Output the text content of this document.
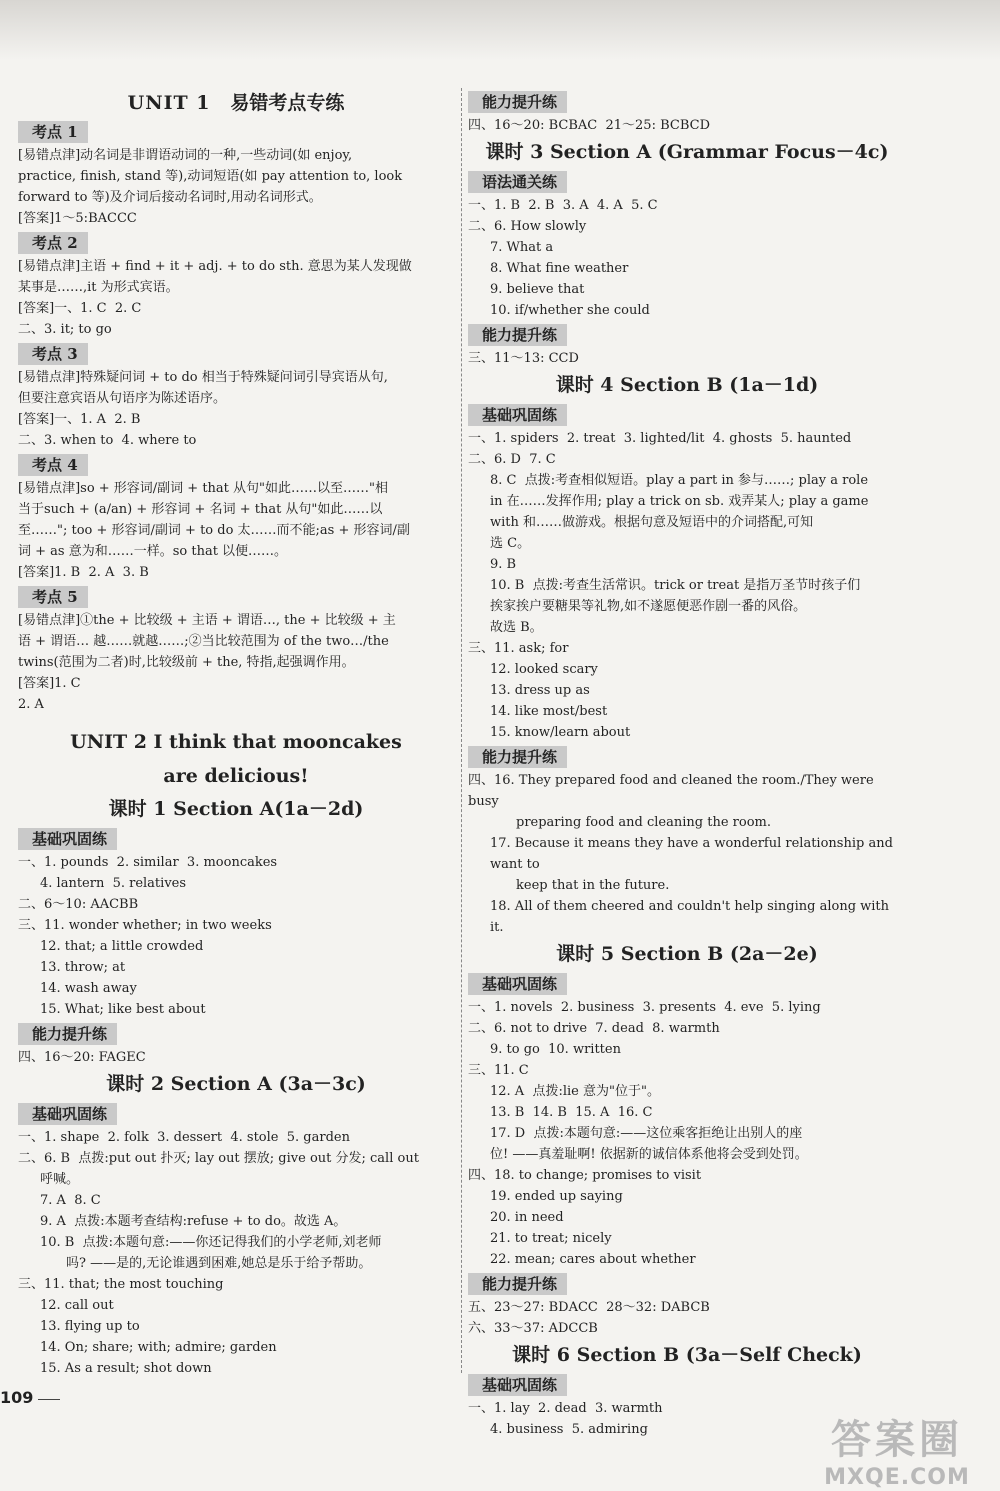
UNIT 1 易错考点专练

考点 1

[易错点津]动名词是非谓语动词的一种,一些动词(如 enjoy,

practice, finish, stand 等),动词短语(如 pay attention to, look

forward to 等)及介词后接动名词时,用动名词形式。

[答案]1～5:BACCC

考点 2

[易错点津]主语 + find + it + adj. + to do sth. 意思为某人发现做

某事是……,it 为形式宾语。

[答案]一、1. C  2. C

二、3. it; to go

考点 3

[易错点津]特殊疑问词 + to do 相当于特殊疑问词引导宾语从句,

但要注意宾语从句语序为陈述语序。

[答案]一、1. A  2. B

二、3. when to  4. where to

考点 4

[易错点津]so + 形容词/副词 + that 从句"如此……以至……"相

当于such + (a/an) + 形容词 + 名词 + that 从句"如此……以

至……"; too + 形容词/副词 + to do 太……而不能;as + 形容词/副

词 + as 意为和……一样。so that 以便……。

[答案]1. B  2. A  3. B

考点 5

[易错点津]①the + 比较级 + 主语 + 谓语…, the + 比较级 + 主

语 + 谓语… 越……就越……;②当比较范围为 of the two…/the

twins(范围为二者)时,比较级前 + the, 特指,起强调作用。

[答案]1. C

2. A

UNIT 2 I think that mooncakes

are delicious!

课时 1 Section A(1a－2d)

基础巩固练

一、1. pounds  2. similar  3. mooncakes

4. lantern  5. relatives

二、6～10: AACBB

三、11. wonder whether; in two weeks

12. that; a little crowded

13. throw; at

14. wash away

15. What; like best about

能力提升练

四、16～20: FAGEC

课时 2 Section A (3a－3c)

基础巩固练

一、1. shape  2. folk  3. dessert  4. stole  5. garden

二、6. B  点拨:put out 扑灭; lay out 摆放; give out 分发; call out

呼喊。

7. A  8. C

9. A  点拨:本题考查结构:refuse + to do。故选 A。

10. B  点拨:本题句意:——你还记得我们的小学老师,刘老师

吗? ——是的,无论谁遇到困难,她总是乐于给予帮助。

三、11. that; the most touching

12. call out

13. flying up to

14. On; share; with; admire; garden

15. As a result; shot down

能力提升练

四、16～20: BCBAC  21～25: BCBCD

课时 3 Section A (Grammar Focus－4c)

语法通关练

一、1. B  2. B  3. A  4. A  5. C

二、6. How slowly

7. What a

8. What fine weather

9. believe that

10. if/whether she could

能力提升练

三、11～13: CCD

课时 4 Section B (1a－1d)

基础巩固练

一、1. spiders  2. treat  3. lighted/lit  4. ghosts  5. haunted

二、6. D  7. C

8. C  点拨:考查相似短语。play a part in 参与……; play a role

in 在……发挥作用; play a trick on sb. 戏弄某人; play a game

with 和……做游戏。根据句意及短语中的介词搭配,可知

选 C。

9. B

10. B  点拨:考查生活常识。trick or treat 是指万圣节时孩子们

挨家挨户要糖果等礼物,如不遂愿便恶作剧一番的风俗。

故选 B。

三、11. ask; for

12. looked scary

13. dress up as

14. like most/best

15. know/learn about

能力提升练

四、16. They prepared food and cleaned the room./They were busy

preparing food and cleaning the room.

17. Because it means they have a wonderful relationship and want to

keep that in the future.

18. All of them cheered and couldn't help singing along with it.

课时 5 Section B (2a－2e)

基础巩固练

一、1. novels  2. business  3. presents  4. eve  5. lying

二、6. not to drive  7. dead  8. warmth

9. to go  10. written

三、11. C

12. A  点拨:lie 意为"位于"。

13. B  14. B  15. A  16. C

17. D  点拨:本题句意:——这位乘客拒绝让出别人的座

位! ——真羞耻啊! 依据新的诚信体系他将会受到处罚。

四、18. to change; promises to visit

19. ended up saying

20. in need

21. to treat; nicely

22. mean; cares about whether

能力提升练

五、23～27: BDACC  28～32: DABCB

六、33～37: ADCCB

课时 6 Section B (3a－Self Check)

基础巩固练

一、1. lay  2. dead  3. warmth

4. business  5. admiring

109
答案圈
MXQE.COM
